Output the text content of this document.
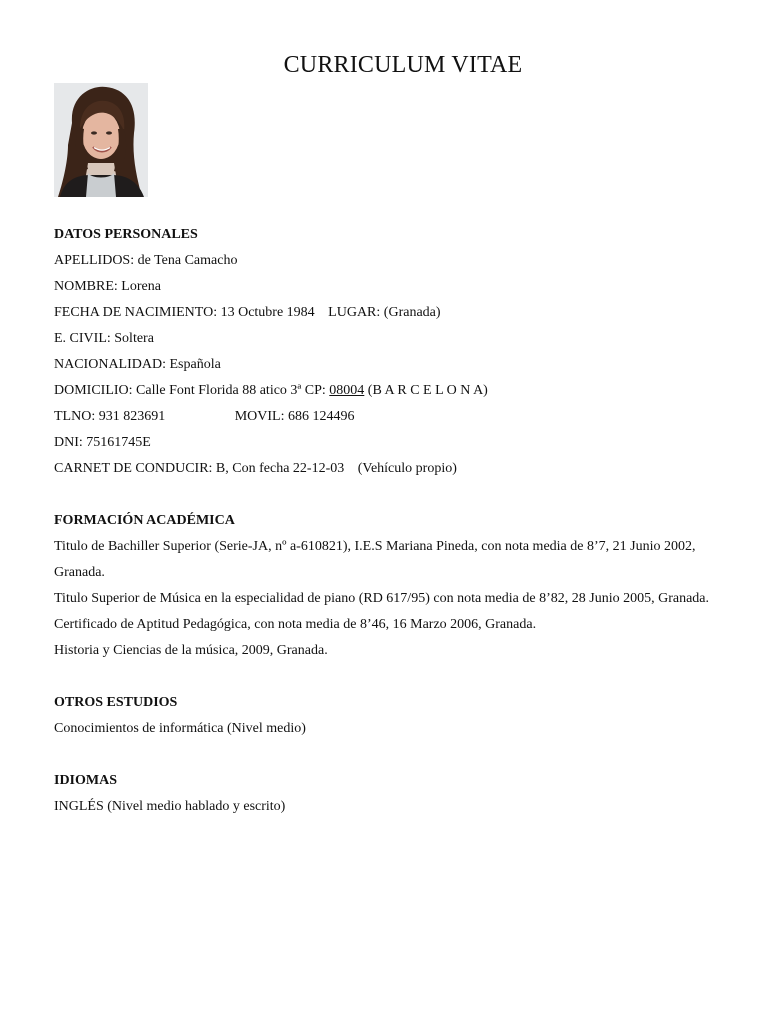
CURRICULUM VITAE
DATOS PERSONALES
APELLIDOS: de Tena Camacho
NOMBRE: Lorena
FECHA DE NACIMIENTO: 13 Octubre 1984 LUGAR: (Granada)
E. CIVIL: Soltera
NACIONALIDAD: Española
DOMICILIO: Calle Font Florida 88 atico 3ª CP: 08004 (B A R C E L O N A)
TLNO: 931 823691	MOVIL: 686 124496
DNI: 75161745E
CARNET DE CONDUCIR: B, Con fecha 22-12-03 (Vehículo propio)
FORMACIÓN ACADÉMICA
Titulo de Bachiller Superior (Serie-JA, nº a-610821), I.E.S Mariana Pineda, con nota media de 8’7, 21 Junio 2002, Granada.
Titulo Superior de Música en la especialidad de piano (RD 617/95) con nota media de 8’82, 28 Junio 2005, Granada.
Certificado de Aptitud Pedagógica, con nota media de 8’46, 16 Marzo 2006, Granada.
Historia y Ciencias de la música, 2009, Granada.
OTROS ESTUDIOS
Conocimientos de informática (Nivel medio)
IDIOMAS
INGLÉS (Nivel medio hablado y escrito)
